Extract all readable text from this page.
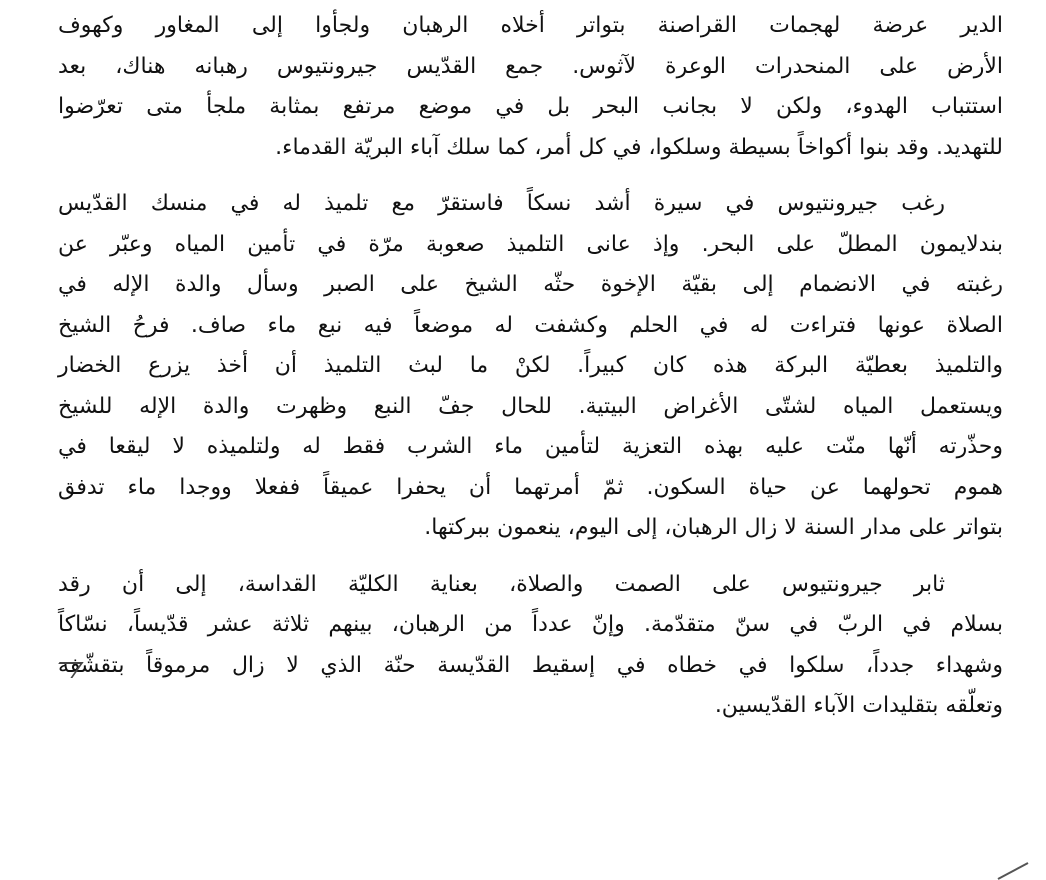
الدير عرضة لهجمات القراصنة بتواتر أخلاه الرهبان ولجأوا إلى المغاور وكهوف
الأرض على المنحدرات الوعرة لآثوس. جمع القدّيس جيرونتيوس رهبانه هناك، بعد
استتباب الهدوء، ولكن لا بجانب البحر بل في موضع مرتفع بمثابة ملجأ متى تعرّضوا
للتهديد. وقد بنوا أكواخاً بسيطة وسلكوا، في كل أمر، كما سلك آباء البريّة القدماء.
رغب جيرونتيوس في سيرة أشد نسكاً فاستقرّ مع تلميذ له في منسك القدّيس
بندلايمون المطلّ على البحر. وإذ عانى التلميذ صعوبة مرّة في تأمين المياه وعبّر عن
رغبته في الانضمام إلى بقيّة الإخوة حثّه الشيخ على الصبر وسأل والدة الإله في
الصلاة عونها فتراءت له في الحلم وكشفت له موضعاً فيه نبع ماء صاف. فرحُ الشيخ
والتلميذ بعطيّة البركة هذه كان كبيراً. لكنْ ما لبث التلميذ أن أخذ يزرع الخضار
ويستعمل المياه لشتّى الأغراض البيتية. للحال جفّ النبع وظهرت والدة الإله للشيخ
وحذّرته أنّها منّت عليه بهذه التعزية لتأمين ماء الشرب فقط له ولتلميذه لا ليقعا في
هموم تحولهما عن حياة السكون. ثمّ أمرتهما أن يحفرا عميقاً ففعلا ووجدا ماء تدفق
بتواتر على مدار السنة لا زال الرهبان، إلى اليوم، ينعمون ببركتها.
ثابر جيرونتيوس على الصمت والصلاة، بعناية الكليّة القداسة، إلى أن رقد
بسلام في الربّ في سنّ متقدّمة. وإنّ عدداً من الرهبان، بينهم ثلاثة عشر قدّيساً، نسّاكاً
وشهداء جدداً، سلكوا في خطاه في إسقيط القدّيسة حنّة الذي لا زال مرموقاً بتقشّفه
وتعلّقه بتقليدات الآباء القدّيسين.
